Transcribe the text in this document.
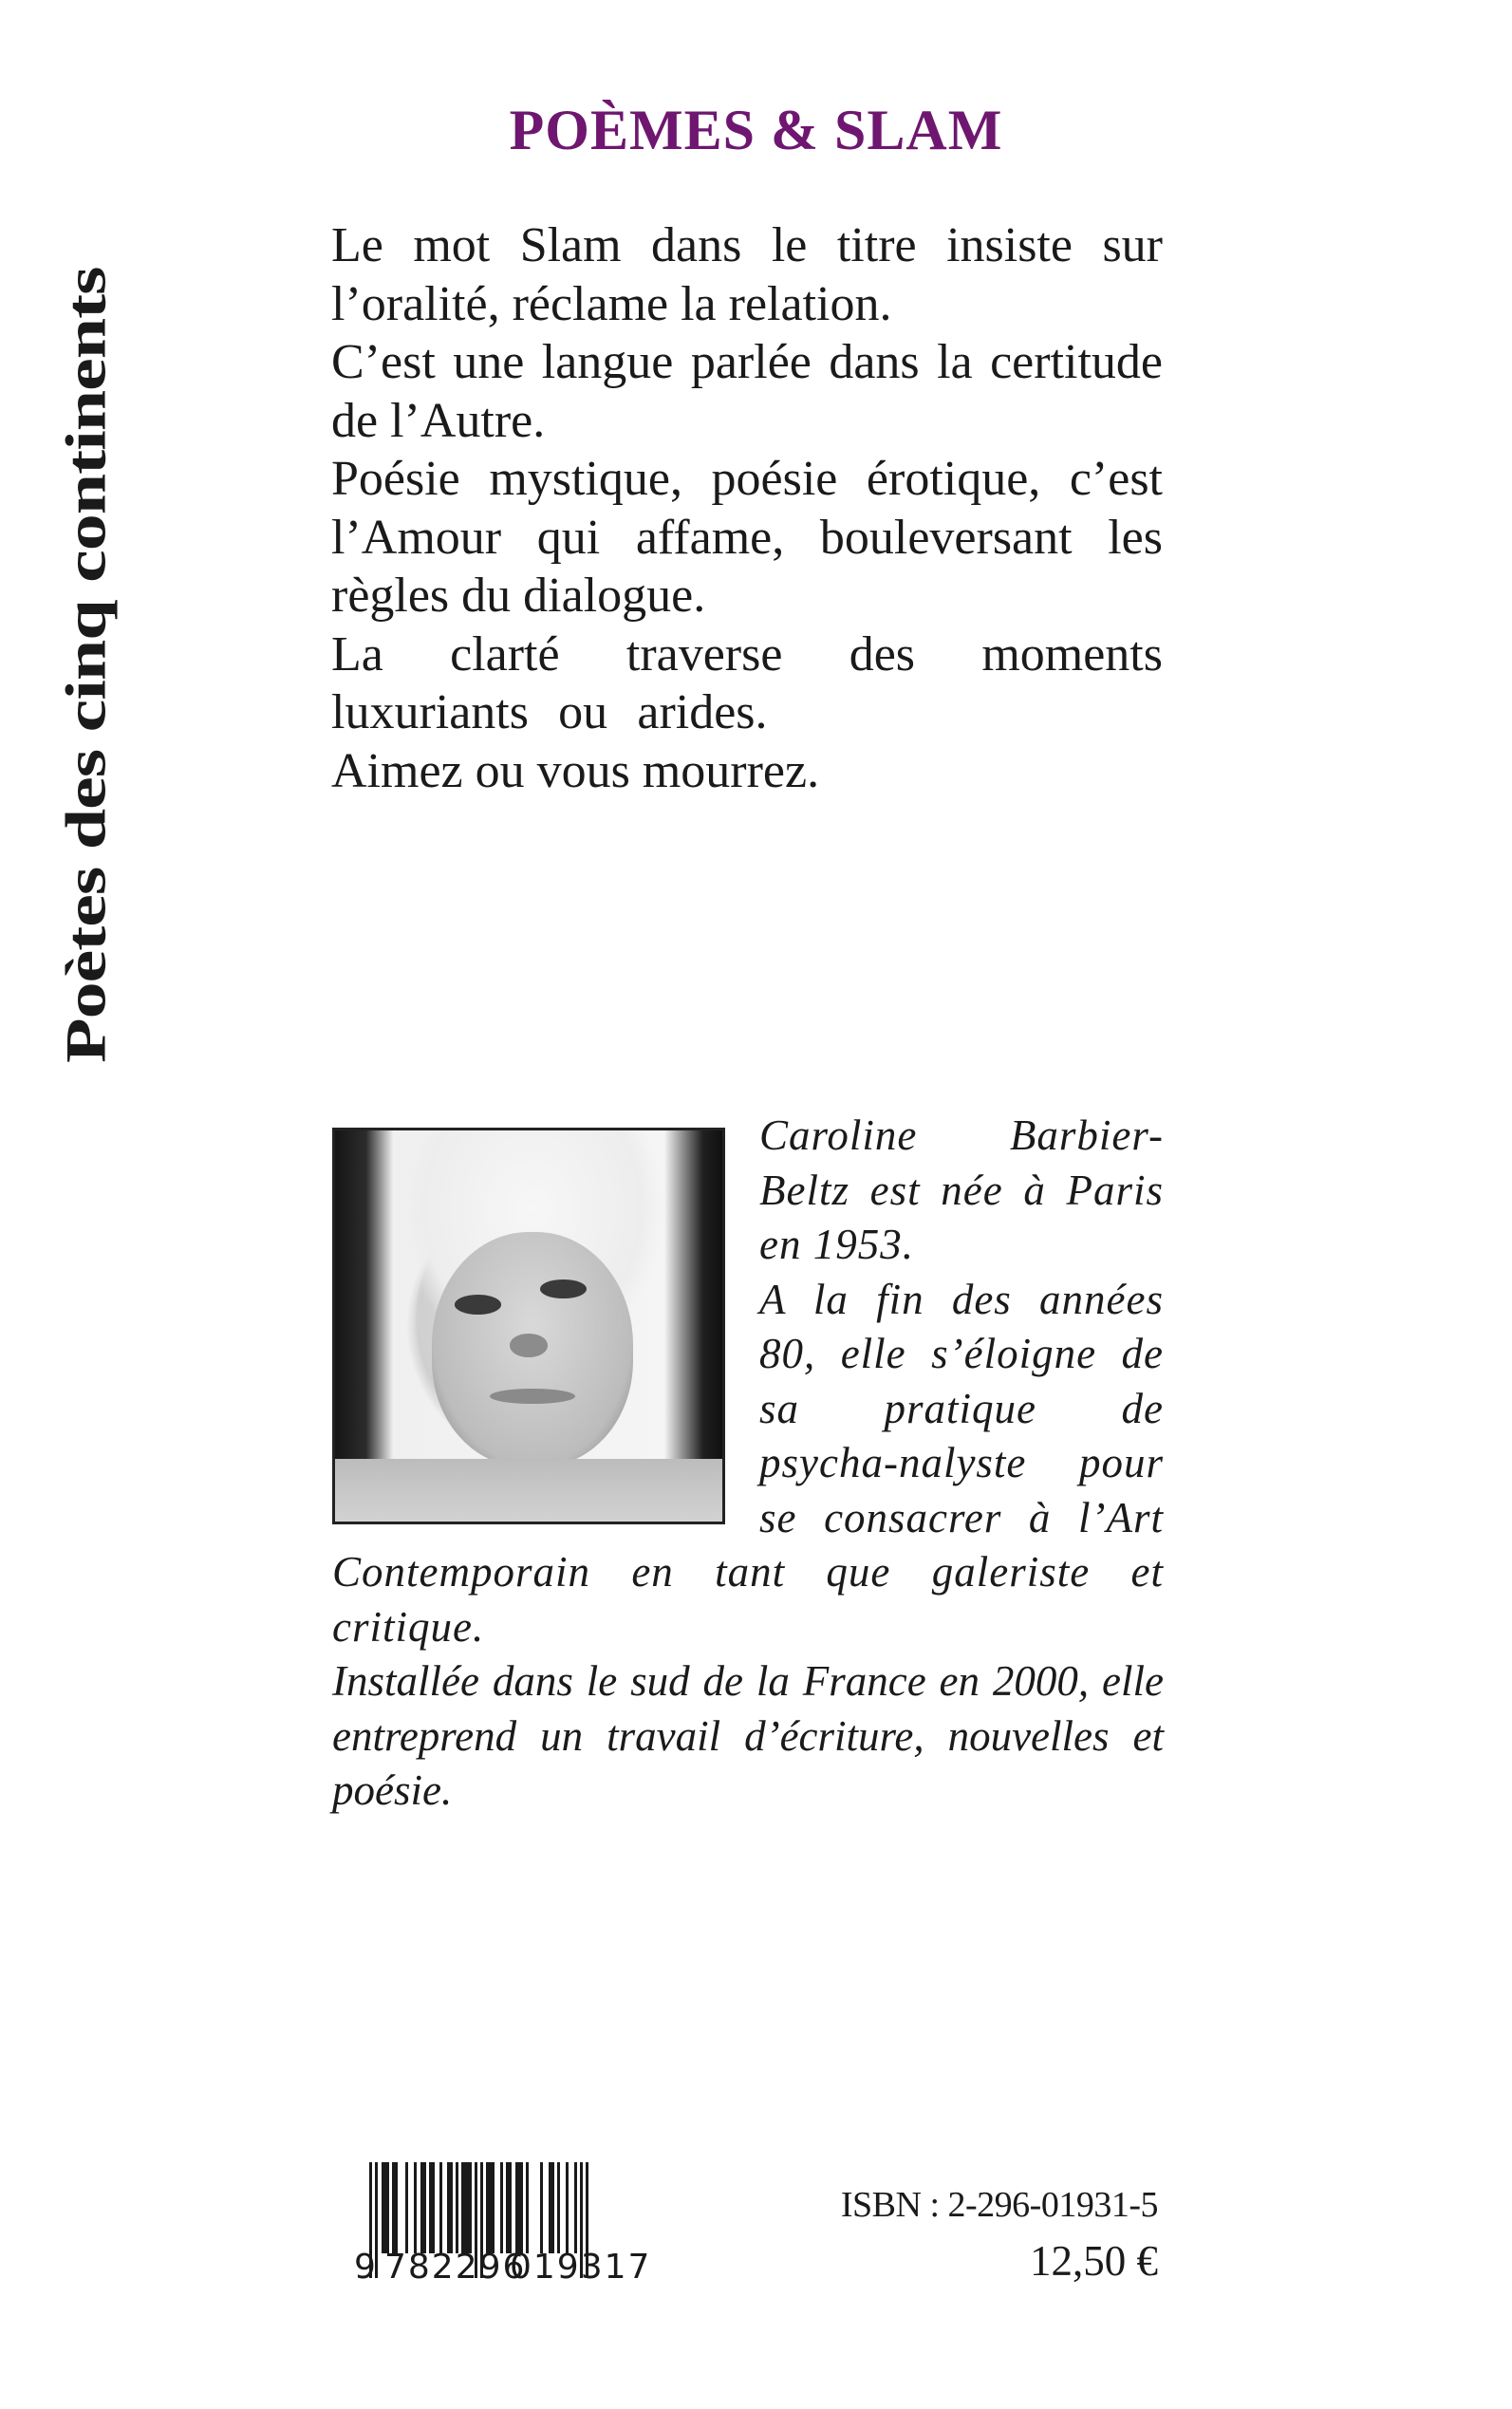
Poètes des cinq continents
POÈMES & SLAM

Le mot Slam dans le titre insiste sur l’oralité, réclame la relation.

C’est une langue parlée dans la certitude de l’Autre.

Poésie mystique, poésie érotique, c’est l’Amour qui affame, bouleversant les règles du dialogue.

La clarté traverse des moments luxuriants ou arides.

Aimez ou vous mourrez.

Caroline Barbier-Beltz est née à Paris en 1953.

A la fin des années 80, elle s’éloigne de sa pratique de psycha-nalyste pour se consacrer à l’Art Contemporain en tant que galeriste et critique.

Installée dans le sud de la France en 2000, elle entreprend un travail d’écriture, nouvelles et poésie.

9 782296
019317
ISBN : 2-296-01931-5
12,50 €
